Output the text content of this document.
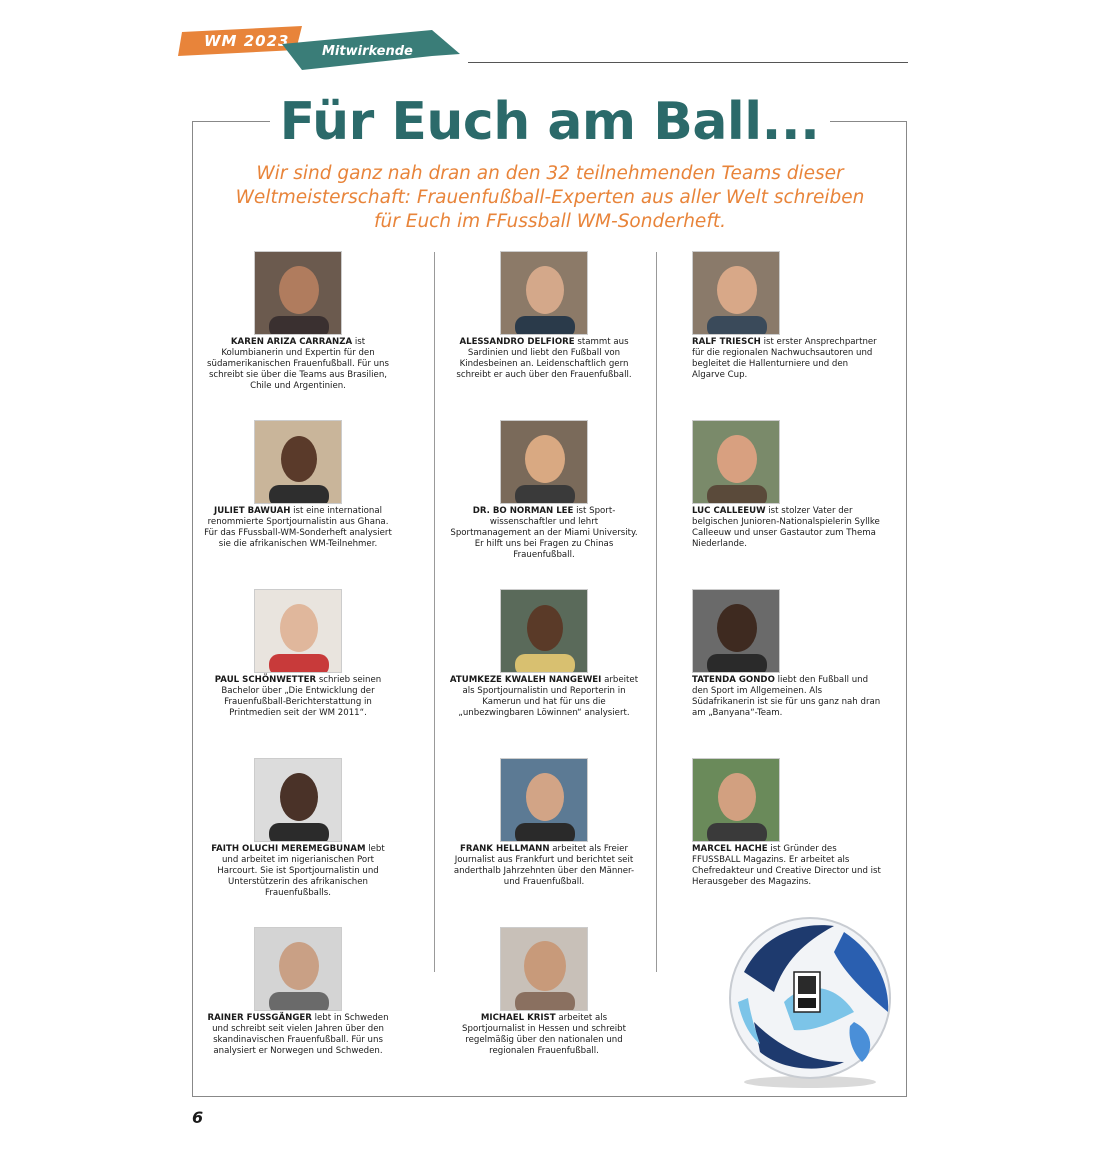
WM 2023
Mitwirkende
Für Euch am Ball...

Wir sind ganz nah dran an den 32 teilnehmenden Teams dieser Weltmeisterschaft: Frauenfußball-Experten aus aller Welt schreiben für Euch im FFussball WM-Sonderheft.

KAREN ARIZA CARRANZA ist Kolumbianerin und Expertin für den südamerikanischen Frauenfußball. Für uns schreibt sie über die Teams aus Brasilien, Chile und Argentinien.
JULIET BAWUAH ist eine international renommierte Sportjournalistin aus Ghana. Für das FFussball-WM-Sonderheft analysiert sie die afrikanischen WM-Teilnehmer.
PAUL SCHÖNWETTER schrieb seinen Bachelor über „Die Entwicklung der Frauenfußball-Berichterstattung in Printmedien seit der WM 2011“.
FAITH OLUCHI MEREMEGBUNAM lebt und arbeitet im nigerianischen Port Harcourt. Sie ist Sportjournalistin und Unterstützerin des afrikanischen Frauenfußballs.
RAINER FUSSGÄNGER lebt in Schweden und schreibt seit vielen Jahren über den skandinavischen Frauenfußball. Für uns analysiert er Norwegen und Schweden.
ALESSANDRO DELFIORE stammt aus Sardinien und liebt den Fußball von Kindesbeinen an. Leidenschaftlich gern schreibt er auch über den Frauenfußball.
DR. BO NORMAN LEE ist Sport-wissenschaftler und lehrt Sportmanagement an der Miami University. Er hilft uns bei Fragen zu Chinas Frauenfußball.
ATUMKEZE KWALEH NANGEWEI arbeitet als Sportjournalistin und Reporterin in Kamerun und hat für uns die „unbezwingbaren Löwinnen“ analysiert.
FRANK HELLMANN arbeitet als Freier Journalist aus Frankfurt und berichtet seit anderthalb Jahrzehnten über den Männer- und Frauenfußball.
MICHAEL KRIST arbeitet als Sportjournalist in Hessen und schreibt regelmäßig über den nationalen und regionalen Frauenfußball.
RALF TRIESCH ist erster Ansprechpartner für die regionalen Nachwuchsautoren und begleitet die Hallenturniere und den Algarve Cup.
LUC CALLEEUW ist stolzer Vater der belgischen Junioren-Nationalspielerin Syllke Calleeuw und unser Gastautor zum Thema Niederlande.
TATENDA GONDO liebt den Fußball und den Sport im Allgemeinen. Als Südafrikanerin ist sie für uns ganz nah dran am „Banyana“-Team.
MARCEL HACHE ist Gründer des FFUSSBALL Magazins. Er arbeitet als Chefredakteur und Creative Director und ist Herausgeber des Magazins.
6
